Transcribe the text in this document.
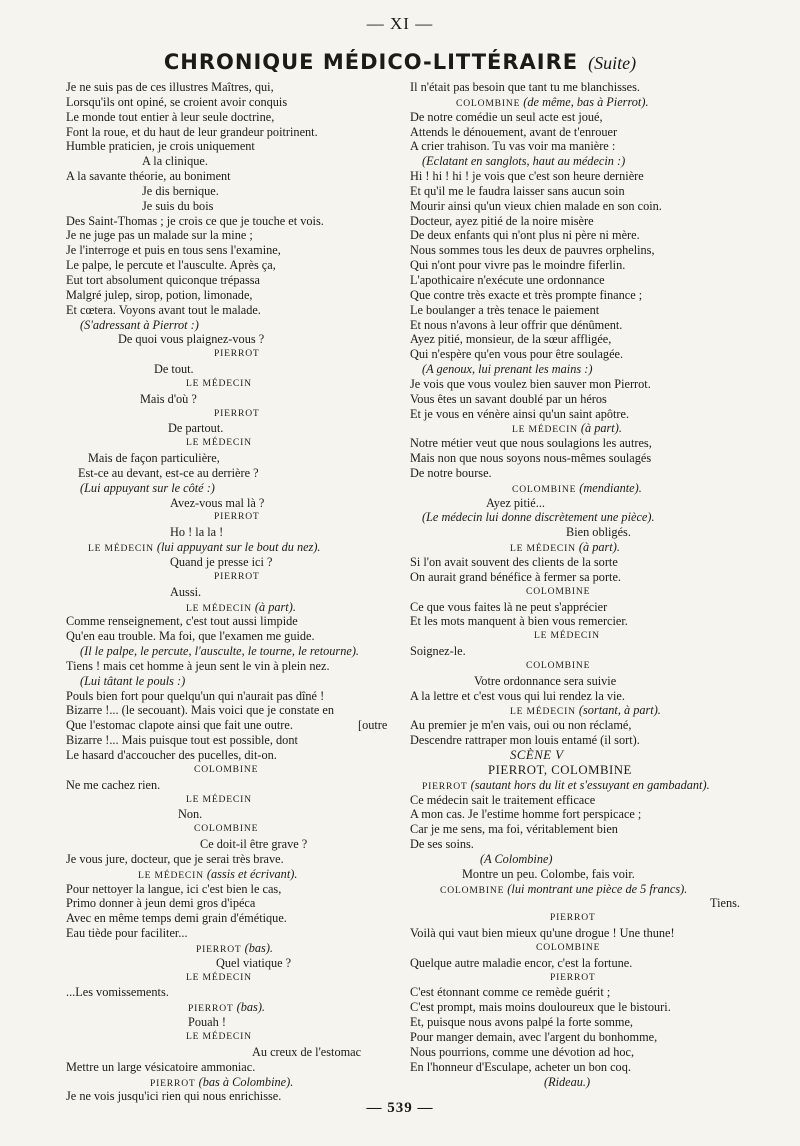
— XI —
CHRONIQUE MÉDICO-LITTÉRAIRE (Suite)
Je ne suis pas de ces illustres Maîtres, qui,
Lorsqu'ils ont opiné, se croient avoir conquis
Le monde tout entier à leur seule doctrine,
Font la roue, et du haut de leur grandeur poitrinent.
Humble praticien, je crois uniquement
A la clinique.
A la savante théorie, au boniment
Je dis bernique.
Je suis du bois
Des Saint-Thomas ; je crois ce que je touche et vois.
Je ne juge pas un malade sur la mine ;
Je l'interroge et puis en tous sens l'examine,
Le palpe, le percute et l'ausculte. Après ça,
Eut tort absolument quiconque trépassa
Malgré julep, sirop, potion, limonade,
Et cœtera. Voyons avant tout le malade.
(S'adressant à Pierrot :)
De quoi vous plaignez-vous ?
PIERROT
De tout.
LE MÉDECIN
Mais d'où ?
PIERROT
De partout.
LE MÉDECIN
Mais de façon particulière,
Est-ce au devant, est-ce au derrière ?
(Lui appuyant sur le côté :)
Avez-vous mal là ?
PIERROT
Ho ! la la !
LE MÉDECIN (lui appuyant sur le bout du nez).
Quand je presse ici ?
PIERROT
Aussi.
LE MÉDECIN (à part).
Comme renseignement, c'est tout aussi limpide
Qu'en eau trouble. Ma foi, que l'examen me guide.
(Il le palpe, le percute, l'ausculte, le tourne, le retourne).
Tiens ! mais cet homme à jeun sent le vin à plein nez.
(Lui tâtant le pouls :)
Pouls bien fort pour quelqu'un qui n'aurait pas dîné !
Bizarre !... (le secouant). Mais voici que je constate en
Que l'estomac clapote ainsi que fait une outre.	[outre
Bizarre !... Mais puisque tout est possible, dont
Le hasard d'accoucher des pucelles, dit-on.
COLOMBINE
Ne me cachez rien.
LE MÉDECIN
Non.
COLOMBINE
Ce doit-il être grave ?
Je vous jure, docteur, que je serai très brave.
LE MÉDECIN (assis et écrivant).
Pour nettoyer la langue, ici c'est bien le cas,
Primo donner à jeun demi gros d'ipéca
Avec en même temps demi grain d'émétique.
Eau tiède pour faciliter...
PIERROT (bas).
Quel viatique ?
LE MÉDECIN
...Les vomissements.
PIERROT (bas).
Pouah !
LE MÉDECIN
Au creux de l'estomac
Mettre un large vésicatoire ammoniac.
PIERROT (bas à Colombine).
Je ne vois jusqu'ici rien qui nous enrichisse.
Il n'était pas besoin que tant tu me blanchisses.
COLOMBINE (de même, bas à Pierrot).
De notre comédie un seul acte est joué,
Attends le dénouement, avant de t'enrouer
A crier trahison. Tu vas voir ma manière :
(Eclatant en sanglots, haut au médecin :)
Hi ! hi ! hi ! je vois que c'est son heure dernière
Et qu'il me le faudra laisser sans aucun soin
Mourir ainsi qu'un vieux chien malade en son coin.
Docteur, ayez pitié de la noire misère
De deux enfants qui n'ont plus ni père ni mère.
Nous sommes tous les deux de pauvres orphelins,
Qui n'ont pour vivre pas le moindre fiferlin.
L'apothicaire n'exécute une ordonnance
Que contre très exacte et très prompte finance ;
Le boulanger a très tenace le paiement
Et nous n'avons à leur offrir que dénûment.
Ayez pitié, monsieur, de la sœur affligée,
Qui n'espère qu'en vous pour être soulagée.
(A genoux, lui prenant les mains :)
Je vois que vous voulez bien sauver mon Pierrot.
Vous êtes un savant doublé par un héros
Et je vous en vénère ainsi qu'un saint apôtre.
LE MÉDECIN (à part).
Notre métier veut que nous soulagions les autres,
Mais non que nous soyons nous-mêmes soulagés
De notre bourse.
COLOMBINE (mendiante).
Ayez pitié...
(Le médecin lui donne discrètement une pièce).
Bien obligés.
LE MÉDECIN (à part).
Si l'on avait souvent des clients de la sorte
On aurait grand bénéfice à fermer sa porte.
COLOMBINE
Ce que vous faites là ne peut s'apprécier
Et les mots manquent à bien vous remercier.
LE MÉDECIN
Soignez-le.
COLOMBINE
Votre ordonnance sera suivie
A la lettre et c'est vous qui lui rendez la vie.
LE MÉDECIN (sortant, à part).
Au premier je m'en vais, oui ou non réclamé,
Descendre rattraper mon louis entamé (il sort).
SCÈNE V
PIERROT, COLOMBINE
PIERROT (sautant hors du lit et s'essuyant en gambadant).
Ce médecin sait le traitement efficace
A mon cas. Je l'estime homme fort perspicace ;
Car je me sens, ma foi, véritablement bien
De ses soins.
(A Colombine)
Montre un peu. Colombe, fais voir.
COLOMBINE (lui montrant une pièce de 5 francs).
Tiens.
PIERROT
Voilà qui vaut bien mieux qu'une drogue ! Une thune!
COLOMBINE
Quelque autre maladie encor, c'est la fortune.
PIERROT
C'est étonnant comme ce remède guérit ;
C'est prompt, mais moins douloureux que le bistouri.
Et, puisque nous avons palpé la forte somme,
Pour manger demain, avec l'argent du bonhomme,
Nous pourrions, comme une dévotion ad hoc,
En l'honneur d'Esculape, acheter un bon coq.
(Rideau.)
— 539 —
